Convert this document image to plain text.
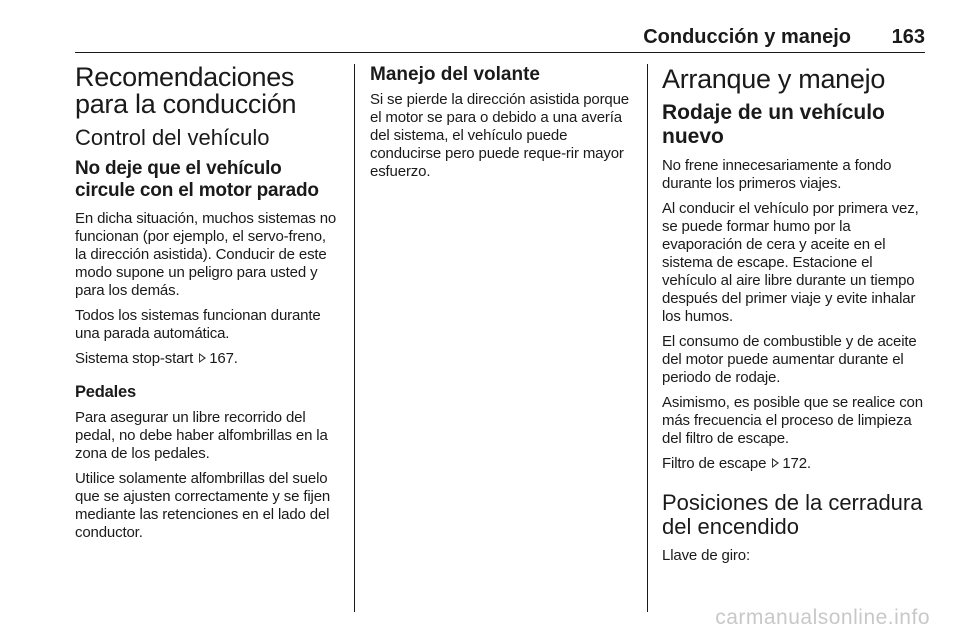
Conducción y manejo 163
Recomendaciones para la conducción
Control del vehículo
No deje que el vehículo circule con el motor parado

En dicha situación, muchos sistemas no funcionan (por ejemplo, el servo-freno, la dirección asistida). Conducir de este modo supone un peligro para usted y para los demás.

Todos los sistemas funcionan durante una parada automática.

Sistema stop-start 167.

Pedales

Para asegurar un libre recorrido del pedal, no debe haber alfombrillas en la zona de los pedales.

Utilice solamente alfombrillas del suelo que se ajusten correctamente y se fijen mediante las retenciones en el lado del conductor.

Manejo del volante

Si se pierde la dirección asistida porque el motor se para o debido a una avería del sistema, el vehículo puede conducirse pero puede reque-rir mayor esfuerzo.

Arranque y manejo
Rodaje de un vehículo nuevo

No frene innecesariamente a fondo durante los primeros viajes.

Al conducir el vehículo por primera vez, se puede formar humo por la evaporación de cera y aceite en el sistema de escape. Estacione el vehículo al aire libre durante un tiempo después del primer viaje y evite inhalar los humos.

El consumo de combustible y de aceite del motor puede aumentar durante el periodo de rodaje.

Asimismo, es posible que se realice con más frecuencia el proceso de limpieza del filtro de escape.

Filtro de escape 172.

Posiciones de la cerradura del encendido

Llave de giro:

carmanualsonline.info
